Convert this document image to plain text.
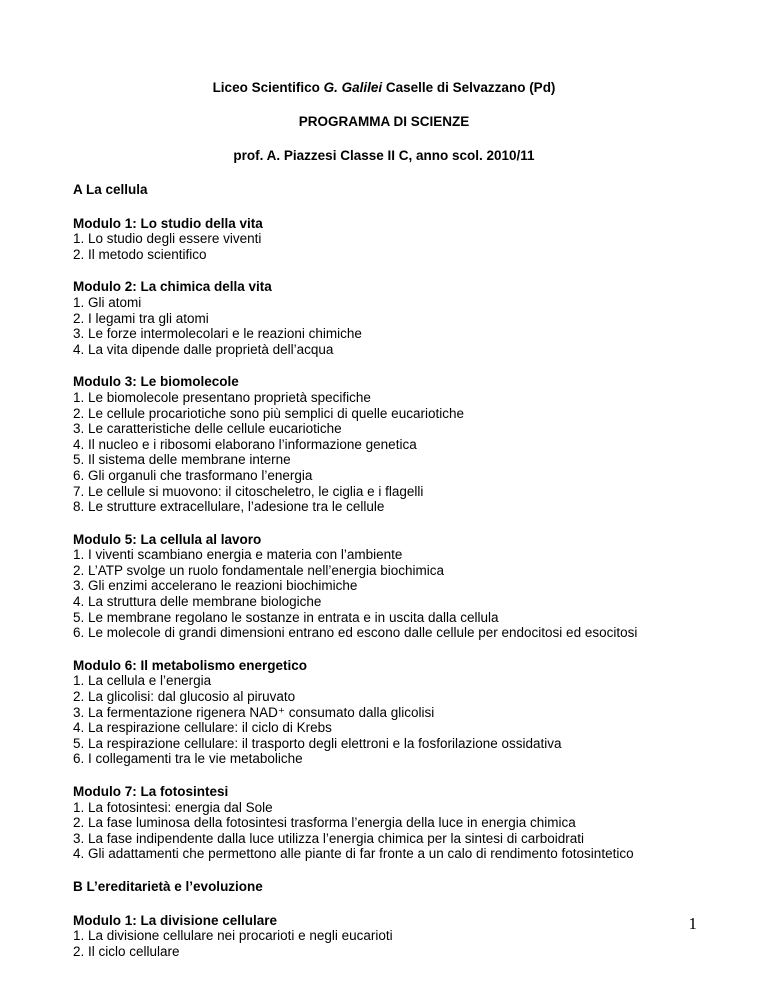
Liceo Scientifico G. Galilei Caselle di Selvazzano (Pd)
PROGRAMMA DI SCIENZE
prof. A. Piazzesi Classe II C, anno scol. 2010/11
A La cellula
Modulo 1: Lo studio della vita
1. Lo studio degli essere viventi
2. Il metodo scientifico
Modulo 2: La chimica della vita
1. Gli atomi
2. I legami tra gli atomi
3. Le forze intermolecolari e le reazioni chimiche
4. La vita dipende dalle proprietà dell’acqua
Modulo 3: Le biomolecole
1. Le biomolecole presentano proprietà specifiche
2. Le cellule procariotiche sono più semplici di quelle eucariotiche
3. Le caratteristiche delle cellule eucariotiche
4. Il nucleo e i ribosomi elaborano l’informazione genetica
5. Il sistema delle membrane interne
6. Gli organuli che trasformano l’energia
7. Le cellule si muovono: il citoscheletro, le ciglia e i flagelli
8. Le strutture extracellulare, l’adesione tra le cellule
Modulo 5: La cellula al lavoro
1. I viventi scambiano energia e materia con l’ambiente
2. L’ATP svolge un ruolo fondamentale nell’energia biochimica
3. Gli enzimi accelerano le reazioni biochimiche
4. La struttura delle membrane biologiche
5. Le membrane regolano le sostanze in entrata e in uscita dalla cellula
6. Le molecole di grandi dimensioni entrano ed escono dalle cellule per endocitosi ed esocitosi
Modulo 6: Il metabolismo energetico
1. La cellula e l’energia
2. La glicolisi: dal glucosio al piruvato
3. La fermentazione rigenera NAD⁺ consumato dalla glicolisi
4. La respirazione cellulare: il ciclo di Krebs
5. La respirazione cellulare: il trasporto degli elettroni e la fosforilazione ossidativa
6. I collegamenti tra le vie metaboliche
Modulo 7: La fotosintesi
1. La fotosintesi: energia dal Sole
2. La fase luminosa della fotosintesi trasforma l’energia della luce in energia chimica
3. La fase indipendente dalla luce utilizza l’energia chimica per la sintesi di carboidrati
4. Gli adattamenti che permettono alle piante di far fronte a un calo di rendimento fotosintetico
B L’ereditarietà e l’evoluzione
Modulo 1: La divisione cellulare
1. La divisione cellulare nei procarioti e negli eucarioti
2. Il ciclo cellulare
1
